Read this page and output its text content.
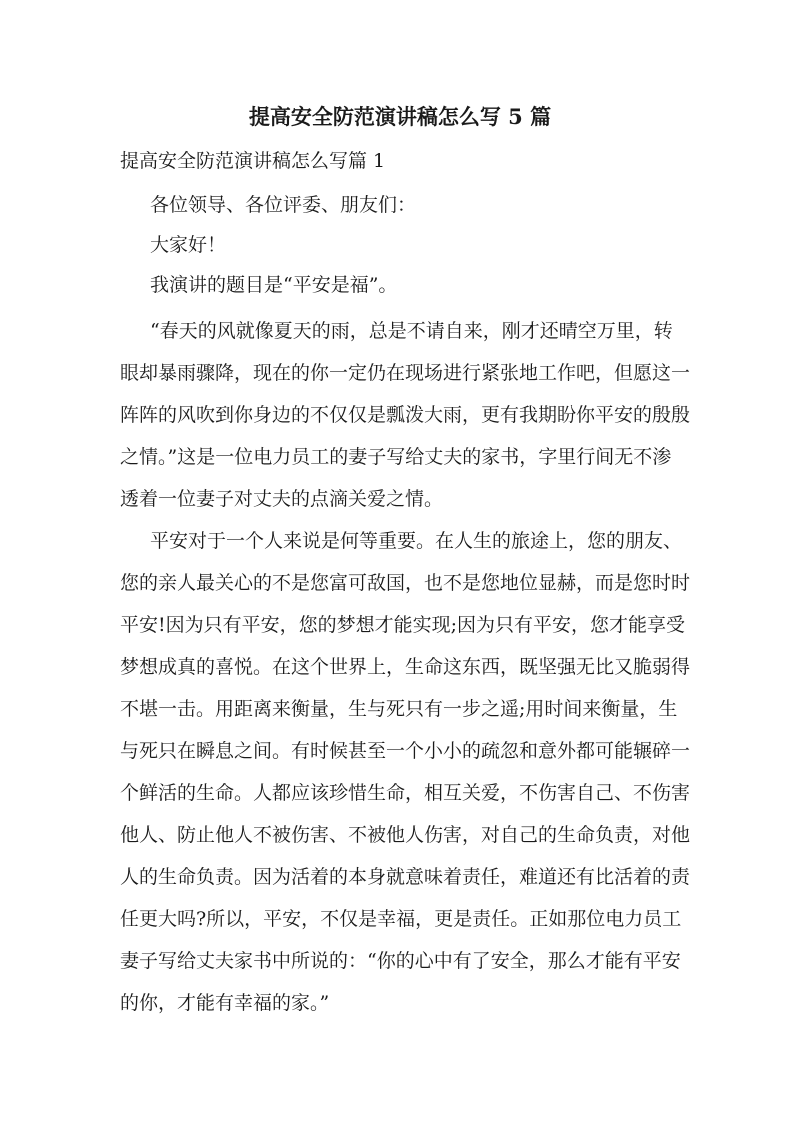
提高安全防范演讲稿怎么写 5 篇

提高安全防范演讲稿怎么写篇 1

各位领导、各位评委、朋友们：

大家好！

我演讲的题目是“平安是福”。

“春天的风就像夏天的雨，总是不请自来，刚才还晴空万里，转

眼却暴雨骤降，现在的你一定仍在现场进行紧张地工作吧，但愿这一

阵阵的风吹到你身边的不仅仅是瓢泼大雨，更有我期盼你平安的殷殷

之情。”这是一位电力员工的妻子写给丈夫的家书，字里行间无不渗

透着一位妻子对丈夫的点滴关爱之情。

平安对于一个人来说是何等重要。在人生的旅途上，您的朋友、

您的亲人最关心的不是您富可敌国，也不是您地位显赫，而是您时时

平安!因为只有平安，您的梦想才能实现;因为只有平安，您才能享受

梦想成真的喜悦。在这个世界上，生命这东西，既坚强无比又脆弱得

不堪一击。用距离来衡量，生与死只有一步之遥;用时间来衡量，生

与死只在瞬息之间。有时候甚至一个小小的疏忽和意外都可能辗碎一

个鲜活的生命。人都应该珍惜生命，相互关爱，不伤害自己、不伤害

他人、防止他人不被伤害、不被他人伤害，对自己的生命负责，对他

人的生命负责。因为活着的本身就意味着责任，难道还有比活着的责

任更大吗?所以，平安，不仅是幸福，更是责任。正如那位电力员工

妻子写给丈夫家书中所说的：“你的心中有了安全，那么才能有平安

的你，才能有幸福的家。”
